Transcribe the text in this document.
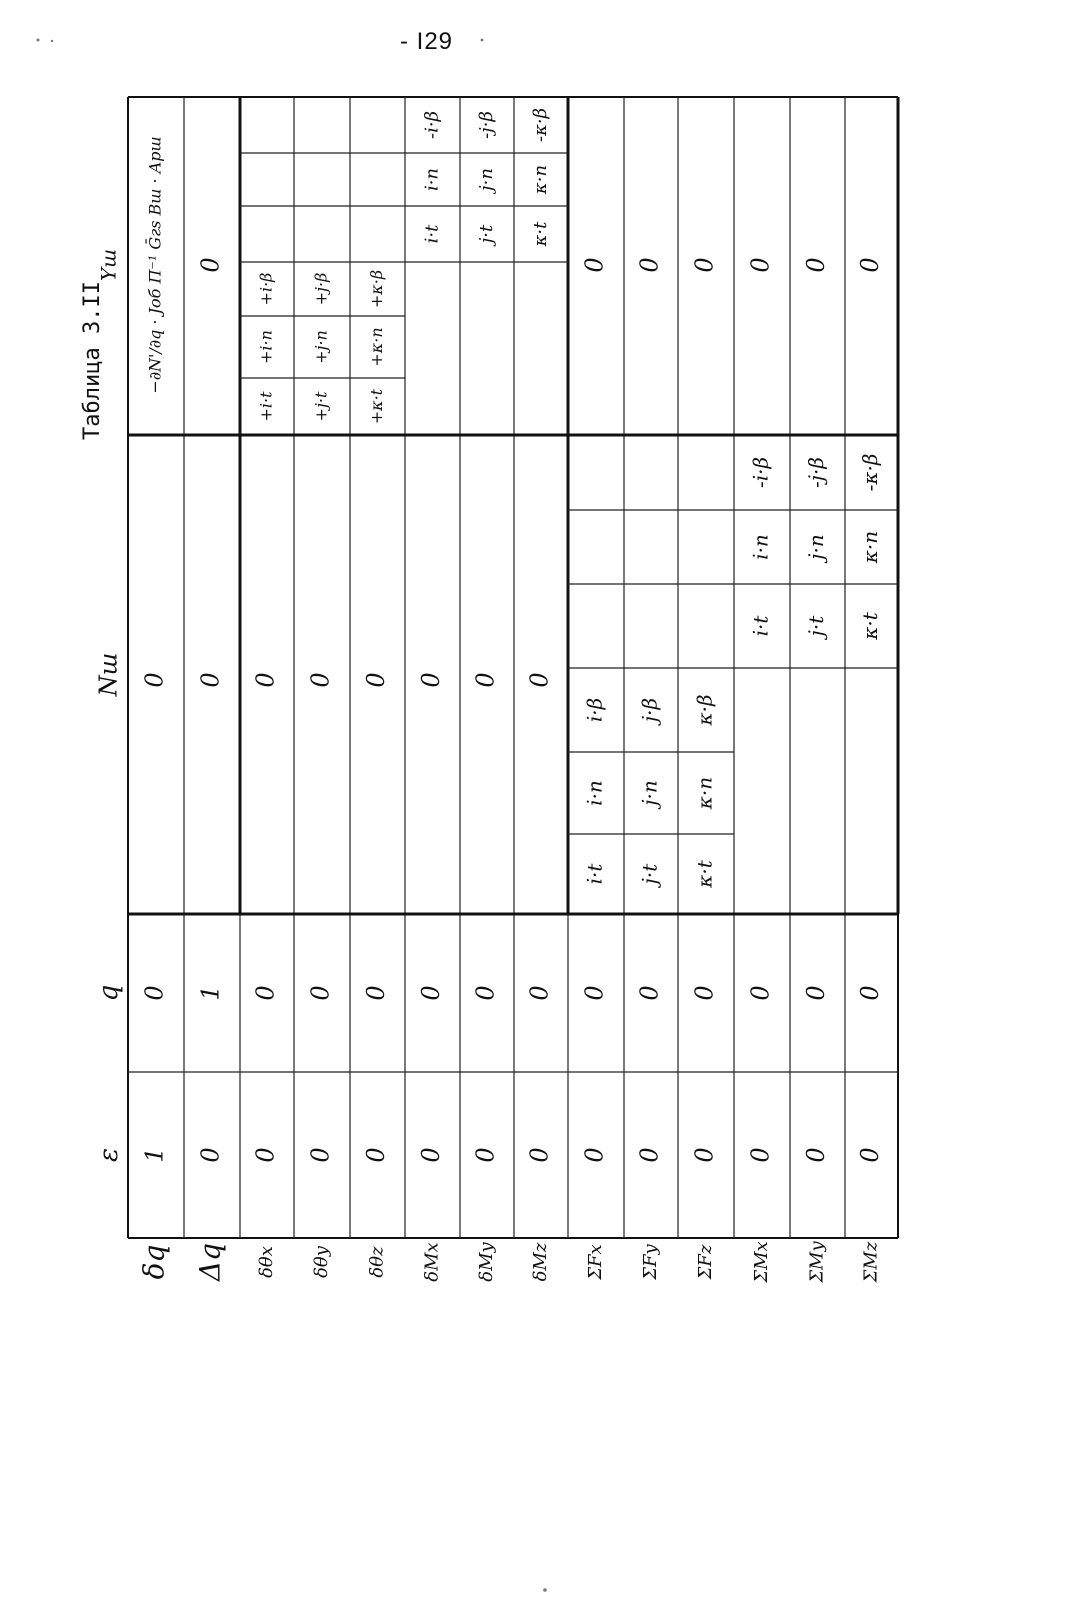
- I29
Таблица 3.II
δq Δq δθx δθy δθz δMx δMy δMz ΣFx ΣFy ΣFz ΣMx ΣMy ΣMz
ε
q
Nш
Yш −∂N'/∂q · Jоб Π⁻¹ Ḡгs Bш · Aрш
1 0 0 0 0 0 0 0 0 0 0 0 0 0
0 1 0 0 0 0 0 0 0 0 0 0 0 0
0 0 0 0 0 0 0 0
0	0 0 0 0 0 0
i·t
i·n
i·β
j·t
j·n
j·β
κ·t
κ·n
κ·β
i·t
i·n
-i·β
j·t
j·n
-j·β
κ·t
κ·n
-κ·β
+i·t
+i·n
+i·β
+j·t
+j·n
+j·β
+κ·t
+κ·n
+κ·β
i·t
i·n
-i·β
j·t
j·n
-j·β
κ·t
κ·n
-κ·β
